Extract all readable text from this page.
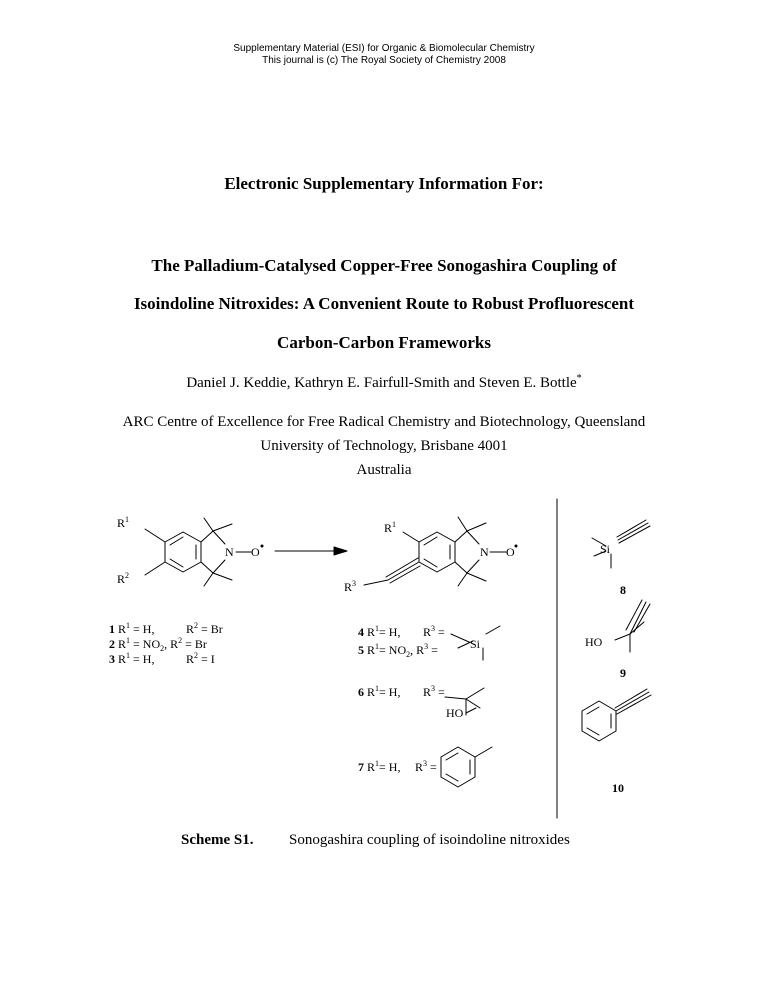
Supplementary Material (ESI) for Organic & Biomolecular Chemistry
This journal is (c) The Royal Society of Chemistry 2008
Electronic Supplementary Information For:
The Palladium-Catalysed Copper-Free Sonogashira Coupling of
Isoindoline Nitroxides: A Convenient Route to Robust Profluorescent
Carbon-Carbon Frameworks
Daniel J. Keddie, Kathryn E. Fairfull-Smith and Steven E. Bottle*
ARC Centre of Excellence for Free Radical Chemistry and Biotechnology, Queensland
University of Technology, Brisbane 4001
Australia
$R^1$
$R^2$
N O
$R^1$
N O
$R^3$
Si
HO
Si
HO
1 $R^1 = H$,	$R^2 = Br$
2 $R^1 = NO_2$, $R^2 = Br$
3 $R^1 = H$,	$R^2 = I$
4 $R^1= H$, $R^3$ =
5 $R^1= NO_2$, $R^3$ =
6 $R^1= H$, $R^3$ =
7 $R^1= H$, $R^3$ =
8
9
10
Scheme S1. Sonogashira coupling of isoindoline nitroxides
